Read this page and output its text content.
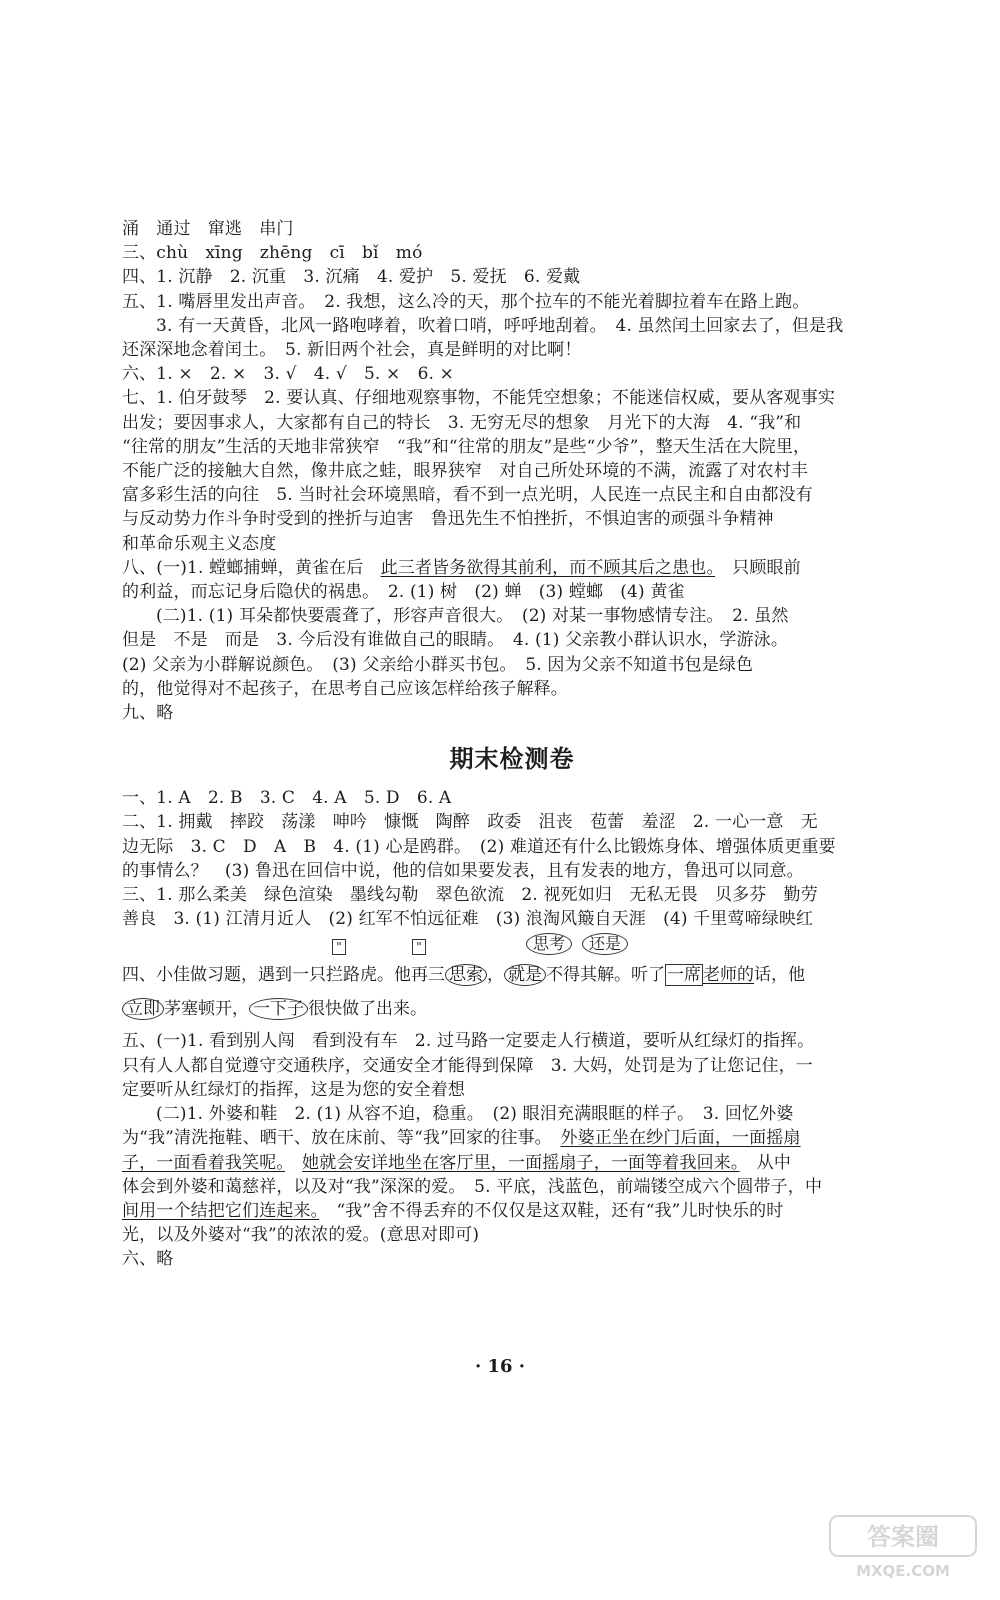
涌　通过　窜逃　串门
三、chù　xīng　zhēng　cī　bǐ　mó
四、1. 沉静　2. 沉重　3. 沉痛　4. 爱护　5. 爱抚　6. 爱戴
五、1. 嘴唇里发出声音。　2. 我想，这么冷的天，那个拉车的不能光着脚拉着车在路上跑。
3. 有一天黄昏，北风一路咆哮着，吹着口哨，呼呼地刮着。　4. 虽然闰土回家去了，但是我
还深深地念着闰土。　5. 新旧两个社会，真是鲜明的对比啊！
六、1. ×　2. ×　3. √　4. √　5. ×　6. ×
七、1. 伯牙鼓琴　2. 要认真、仔细地观察事物，不能凭空想象；不能迷信权威，要从客观事实
出发；要因事求人，大家都有自己的特长　3. 无穷无尽的想象　月光下的大海　4. “我”和
“往常的朋友”生活的天地非常狭窄　“我”和“往常的朋友”是些“少爷”，整天生活在大院里，
不能广泛的接触大自然，像井底之蛙，眼界狭窄　对自己所处环境的不满，流露了对农村丰
富多彩生活的向往　5. 当时社会环境黑暗，看不到一点光明，人民连一点民主和自由都没有
与反动势力作斗争时受到的挫折与迫害　鲁迅先生不怕挫折，不惧迫害的顽强斗争精神
和革命乐观主义态度
八、(一)1. 螳螂捕蝉，黄雀在后　此三者皆务欲得其前利，而不顾其后之患也。　只顾眼前
的利益，而忘记身后隐伏的祸患。　2. (1) 树　(2) 蝉　(3) 螳螂　(4) 黄雀
(二)1. (1) 耳朵都快要震聋了，形容声音很大。　(2) 对某一事物感情专注。　2. 虽然
但是　不是　而是　3. 今后没有谁做自己的眼睛。　4. (1) 父亲教小群认识水，学游泳。
(2) 父亲为小群解说颜色。　(3) 父亲给小群买书包。　5. 因为父亲不知道书包是绿色
的，他觉得对不起孩子，在思考自己应该怎样给孩子解释。
九、略
期末检测卷
一、1. A　2. B　3. C　4. A　5. D　6. A
二、1. 拥戴　摔跤　荡漾　呻吟　慷慨　陶醉　政委　沮丧　苞蕾　羞涩　2. 一心一意　无
边无际　3. C　D　A　B　4. (1) 心是鸥群。　(2) 难道还有什么比锻炼身体、增强体质更重要
的事情么？　(3) 鲁迅在回信中说，他的信如果要发表，且有发表的地方，鲁迅可以同意。
三、1. 那么柔美　绿色渲染　墨线勾勒　翠色欲流　2. 视死如归　无私无畏　贝多芬　勤劳
善良　3. (1) 江清月近人　(2) 红军不怕远征难　(3) 浪淘风簸自天涯　(4) 千里莺啼绿映红
"	"	思考	还是
四、小佳做习题，遇到一只拦路虎。他再三 思索 ， 就是 不得其解。听了 一席 老师的话，他
立即 茅塞顿开， 一下子 很快做了出来。
五、(一)1. 看到别人闯　看到没有车　2. 过马路一定要走人行横道，要听从红绿灯的指挥。
只有人人都自觉遵守交通秩序，交通安全才能得到保障　3. 大妈，处罚是为了让您记住，一
定要听从红绿灯的指挥，这是为您的安全着想
(二)1. 外婆和鞋　2. (1) 从容不迫，稳重。　(2) 眼泪充满眼眶的样子。　3. 回忆外婆
为“我”清洗拖鞋、晒干、放在床前、等“我”回家的往事。　外婆正坐在纱门后面，一面摇扇
子，一面看着我笑呢。　 她就会安详地坐在客厅里，一面摇扇子，一面等着我回来。　从中
体会到外婆和蔼慈祥，以及对“我”深深的爱。　5. 平底，浅蓝色，前端镂空成六个圆带子，中
间用一个结把它们连起来。　“我”舍不得丢弃的不仅仅是这双鞋，还有“我”儿时快乐的时
光，以及外婆对“我”的浓浓的爱。(意思对即可)
六、略
· 16 ·
答案圈
MXQE.COM
